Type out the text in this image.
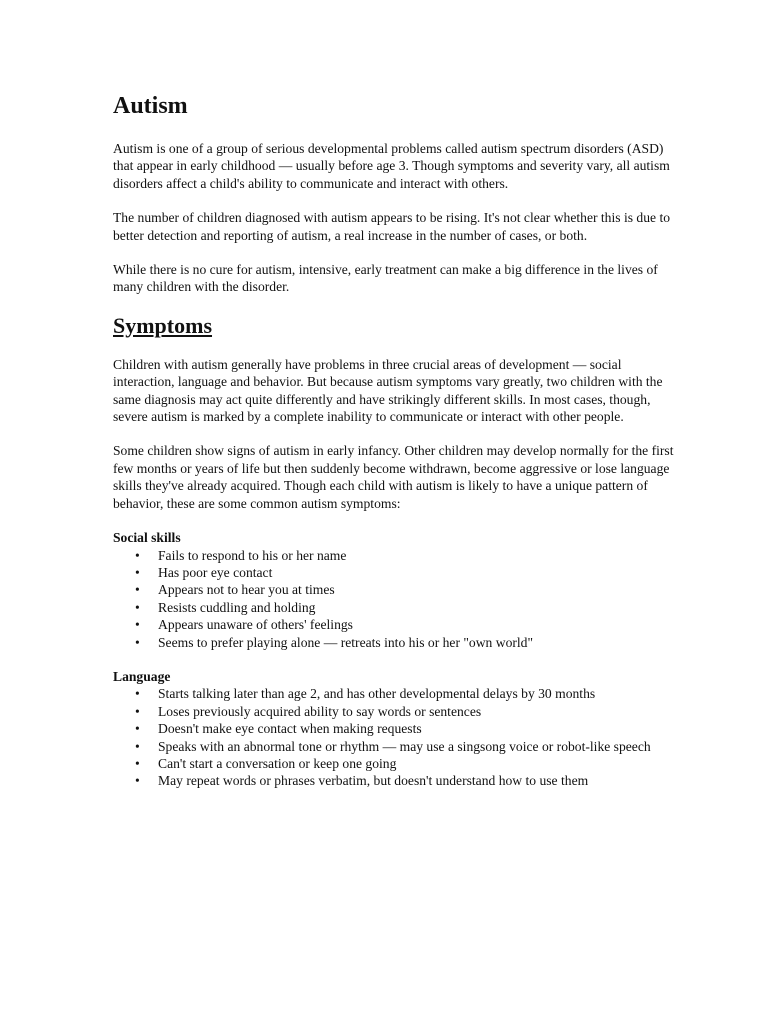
Autism

Autism is one of a group of serious developmental problems called autism spectrum disorders (ASD) that appear in early childhood — usually before age 3. Though symptoms and severity vary, all autism disorders affect a child's ability to communicate and interact with others.

The number of children diagnosed with autism appears to be rising. It's not clear whether this is due to better detection and reporting of autism, a real increase in the number of cases, or both.

While there is no cure for autism, intensive, early treatment can make a big difference in the lives of many children with the disorder.

Symptoms

Children with autism generally have problems in three crucial areas of development — social interaction, language and behavior. But because autism symptoms vary greatly, two children with the same diagnosis may act quite differently and have strikingly different skills. In most cases, though, severe autism is marked by a complete inability to communicate or interact with other people.

Some children show signs of autism in early infancy. Other children may develop normally for the first few months or years of life but then suddenly become withdrawn, become aggressive or lose language skills they've already acquired. Though each child with autism is likely to have a unique pattern of behavior, these are some common autism symptoms:

Social skills
• Fails to respond to his or her name
• Has poor eye contact
• Appears not to hear you at times
• Resists cuddling and holding
• Appears unaware of others' feelings
• Seems to prefer playing alone — retreats into his or her "own world"
Language
• Starts talking later than age 2, and has other developmental delays by 30 months
• Loses previously acquired ability to say words or sentences
• Doesn't make eye contact when making requests
• Speaks with an abnormal tone or rhythm — may use a singsong voice or robot-like speech
• Can't start a conversation or keep one going
• May repeat words or phrases verbatim, but doesn't understand how to use them
